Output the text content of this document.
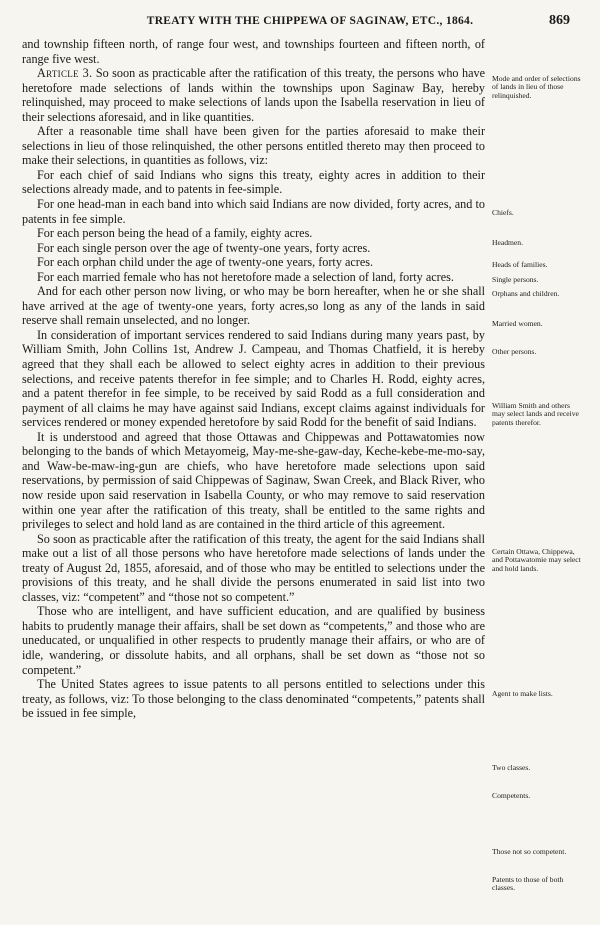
TREATY WITH THE CHIPPEWA OF SAGINAW, ETC., 1864.	869

and township fifteen north, of range four west, and townships fourteen and fifteen north, of range five west.

Article 3. So soon as practicable after the ratification of this treaty, the persons who have heretofore made selections of lands within the townships upon Saginaw Bay, hereby relinquished, may proceed to make selections of lands upon the Isabella reservation in lieu of their selections aforesaid, and in like quantities.

After a reasonable time shall have been given for the parties aforesaid to make their selections in lieu of those relinquished, the other persons entitled thereto may then proceed to make their selections, in quantities as follows, viz:

For each chief of said Indians who signs this treaty, eighty acres in addition to their selections already made, and to patents in fee-simple.

For one head-man in each band into which said Indians are now divided, forty acres, and to patents in fee simple.

For each person being the head of a family, eighty acres.

For each single person over the age of twenty-one years, forty acres.

For each orphan child under the age of twenty-one years, forty acres.

For each married female who has not heretofore made a selection of land, forty acres.

And for each other person now living, or who may be born hereafter, when he or she shall have arrived at the age of twenty-one years, forty acres,so long as any of the lands in said reserve shall remain unselected, and no longer.

In consideration of important services rendered to said Indians during many years past, by William Smith, John Collins 1st, Andrew J. Campeau, and Thomas Chatfield, it is hereby agreed that they shall each be allowed to select eighty acres in addition to their previous selections, and receive patents therefor in fee simple; and to Charles H. Rodd, eighty acres, and a patent therefor in fee simple, to be received by said Rodd as a full consideration and payment of all claims he may have against said Indians, except claims against individuals for services rendered or money expended heretofore by said Rodd for the benefit of said Indians.

It is understood and agreed that those Ottawas and Chippewas and Pottawatomies now belonging to the bands of which Metayomeig, May-me-she-gaw-day, Keche-kebe-me-mo-say, and Waw-be-maw-ing-gun are chiefs, who have heretofore made selections upon said reservations, by permission of said Chippewas of Saginaw, Swan Creek, and Black River, who now reside upon said reservation in Isabella County, or who may remove to said reservation within one year after the ratification of this treaty, shall be entitled to the same rights and privileges to select and hold land as are contained in the third article of this agreement.

So soon as practicable after the ratification of this treaty, the agent for the said Indians shall make out a list of all those persons who have heretofore made selections of lands under the treaty of August 2d, 1855, aforesaid, and of those who may be entitled to selections under the provisions of this treaty, and he shall divide the persons enumerated in said list into two classes, viz: “competent” and “those not so competent.”

Those who are intelligent, and have sufficient education, and are qualified by business habits to prudently manage their affairs, shall be set down as “competents,” and those who are uneducated, or unqualified in other respects to prudently manage their affairs, or who are of idle, wandering, or dissolute habits, and all orphans, shall be set down as “those not so competent.”

The United States agrees to issue patents to all persons entitled to selections under this treaty, as follows, viz: To those belonging to the class denominated “competents,” patents shall be issued in fee simple,

Mode and order of selections of lands in lieu of those relinquished.
Chiefs.
Headmen.
Heads of families.
Single persons.
Orphans and children.
Married women.
Other persons.
William Smith and others may select lands and receive patents therefor.
Certain Ottawa, Chippewa, and Pottawatomie may select and hold lands.
Agent to make lists.
Two classes.
Competents.
Those not so competent.
Patents to those of both classes.
